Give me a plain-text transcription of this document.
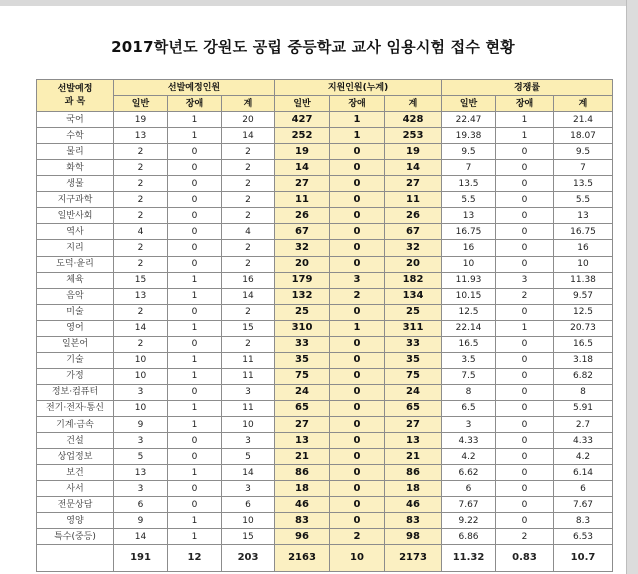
2017학년도 강원도 공립 중등학교 교사 임용시험 접수 현황
선발예정
과 목	선발예정인원			지원인원(누계)			경쟁률		
	일반	장애	계	일반	장애	계	일반	장애	계
국어	19	1	20	427	1	428	22.47	1	21.4
수학	13	1	14	252	1	253	19.38	1	18.07
물리	2	0	2	19	0	19	9.5	0	9.5
화학	2	0	2	14	0	14	7	0	7
생물	2	0	2	27	0	27	13.5	0	13.5
지구과학	2	0	2	11	0	11	5.5	0	5.5
일반사회	2	0	2	26	0	26	13	0	13
역사	4	0	4	67	0	67	16.75	0	16.75
지리	2	0	2	32	0	32	16	0	16
도덕·윤리	2	0	2	20	0	20	10	0	10
체육	15	1	16	179	3	182	11.93	3	11.38
음악	13	1	14	132	2	134	10.15	2	9.57
미술	2	0	2	25	0	25	12.5	0	12.5
영어	14	1	15	310	1	311	22.14	1	20.73
일본어	2	0	2	33	0	33	16.5	0	16.5
기술	10	1	11	35	0	35	3.5	0	3.18
가정	10	1	11	75	0	75	7.5	0	6.82
정보·컴퓨터	3	0	3	24	0	24	8	0	8
전기·전자·통신	10	1	11	65	0	65	6.5	0	5.91
기계·금속	9	1	10	27	0	27	3	0	2.7
건설	3	0	3	13	0	13	4.33	0	4.33
상업정보	5	0	5	21	0	21	4.2	0	4.2
보건	13	1	14	86	0	86	6.62	0	6.14
사서	3	0	3	18	0	18	6	0	6
전문상담	6	0	6	46	0	46	7.67	0	7.67
영양	9	1	10	83	0	83	9.22	0	8.3
특수(중등)	14	1	15	96	2	98	6.86	2	6.53
	191	12	203	2163	10	2173	11.32	0.83	10.7
